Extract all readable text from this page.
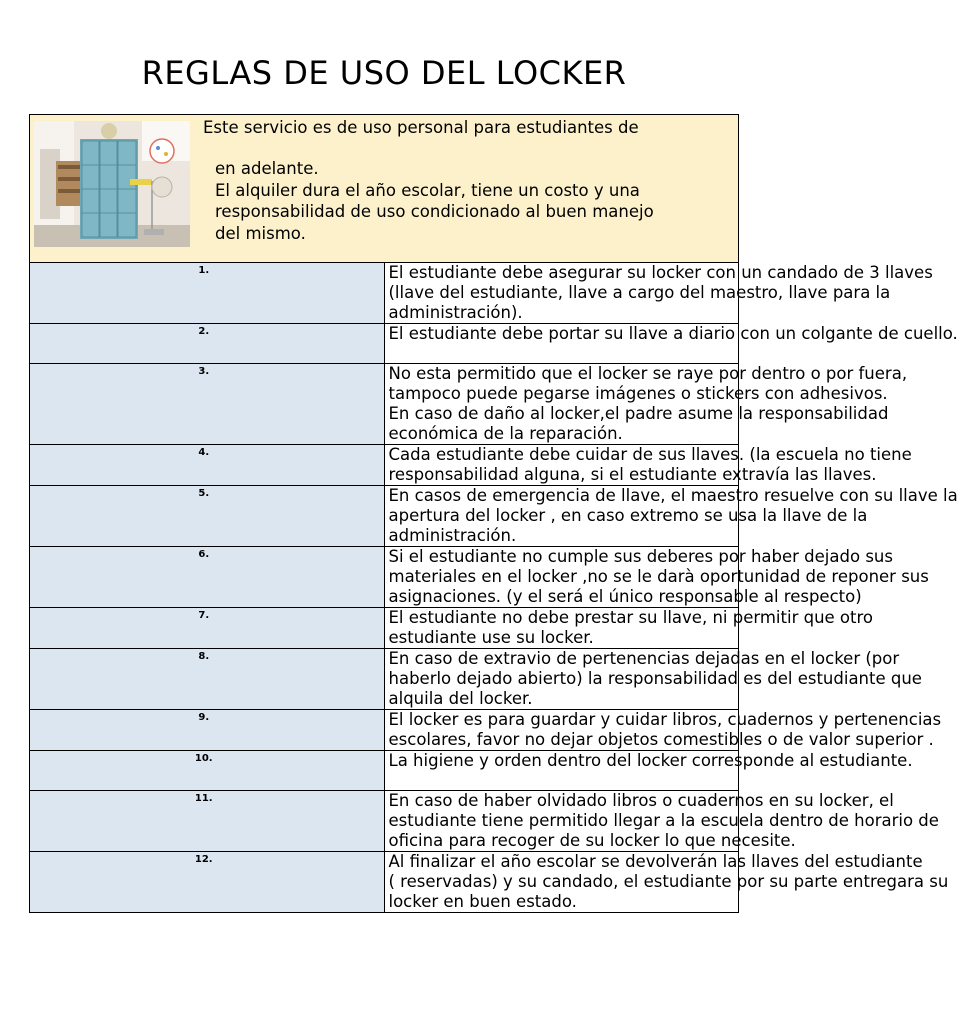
REGLAS DE USO DEL LOCKER
Este servicio es de uso personal para estudiantes de
en adelante.
El alquiler dura el año escolar, tiene un costo y una
responsabilidad de uso condicionado al buen manejo
del mismo.	

1.	El estudiante debe asegurar su locker con un candado de 3 llaves
(llave del estudiante, llave a cargo del maestro, llave para la
administración).

2.	El estudiante debe portar su llave a diario con un colgante de cuello.

3.	No esta permitido que el locker se raye por dentro o por fuera,
tampoco puede pegarse imágenes o stickers con adhesivos.
En caso de daño al locker,el padre asume la responsabilidad
económica de la reparación.

4.	Cada estudiante debe cuidar de sus llaves. (la escuela no tiene
responsabilidad alguna, si el estudiante extravía las llaves.

5.	En casos de emergencia de llave, el maestro resuelve con su llave la
apertura del locker , en caso extremo se usa la llave de la
administración.

6.	Si el estudiante no cumple sus deberes por haber dejado sus
materiales en el locker ,no se le darà oportunidad de reponer sus
asignaciones. (y el será el único responsable al respecto)

7.	El estudiante no debe prestar su llave, ni permitir que otro
estudiante use su locker.

8.	En caso de extravio de pertenencias dejadas en el locker (por
haberlo dejado abierto) la responsabilidad es del estudiante que
alquila del locker.

9.	El locker es para guardar y cuidar libros, cuadernos y pertenencias
escolares, favor no dejar objetos comestibles o de valor superior .

10.	La higiene y orden dentro del locker corresponde al estudiante.

11.	En caso de haber olvidado libros o cuadernos en su locker, el
estudiante tiene permitido llegar a la escuela dentro de horario de
oficina para recoger de su locker lo que necesite.

12.	Al finalizar el año escolar se devolverán las llaves del estudiante
( reservadas) y su candado, el estudiante por su parte entregara su
locker en buen estado.
